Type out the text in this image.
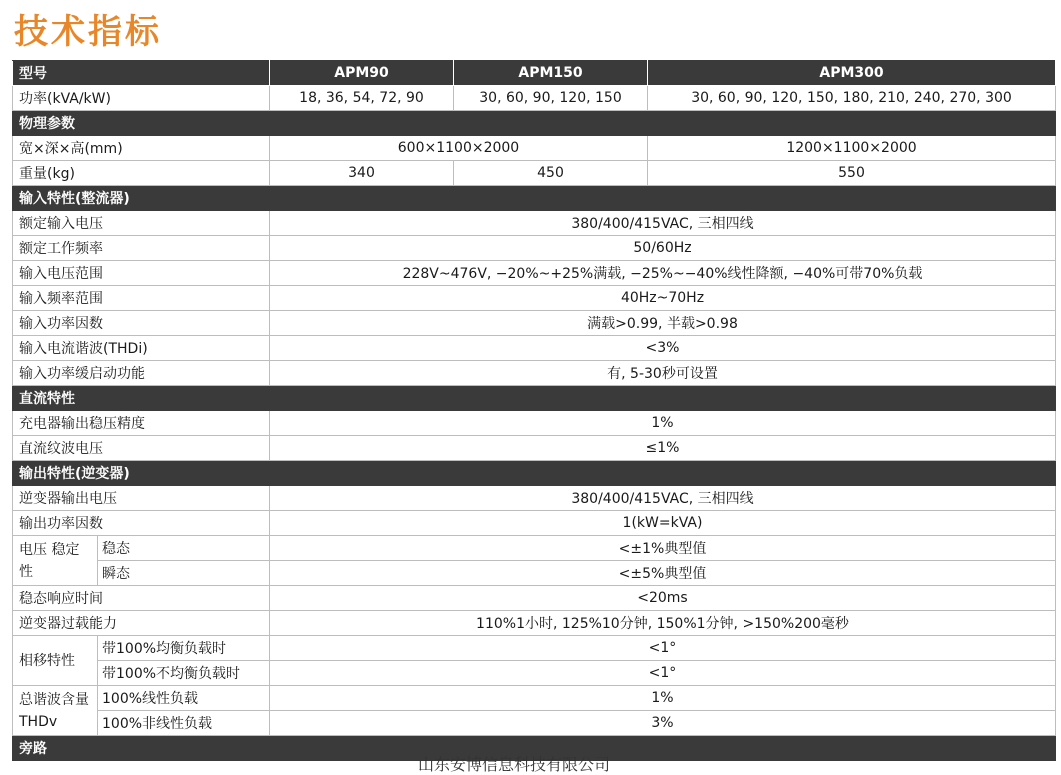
技术指标
型号		APM90	APM150	APM300
功率(kVA/kW)		18, 36, 54, 72, 90	30, 60, 90, 120, 150	30, 60, 90, 120, 150, 180, 210, 240, 270, 300
物理参数				
宽×深×高(mm)		600×1100×2000		1200×1100×2000
重量(kg)		340	450	550
输入特性(整流器)				
额定输入电压		380/400/415VAC, 三相四线		
额定工作频率		50/60Hz		
输入电压范围		228V~476V, −20%~+25%满载, −25%~−40%线性降额, −40%可带70%负载		
输入频率范围		40Hz~70Hz		
输入功率因数		满载>0.99, 半载>0.98		
输入电流谐波(THDi)		<3%		
输入功率缓启动功能		有, 5-30秒可设置		
直流特性				
充电器输出稳压精度		1%		
直流纹波电压		≤1%		
输出特性(逆变器)				
逆变器输出电压		380/400/415VAC, 三相四线		
输出功率因数		1(kW=kVA)		
电压 稳定性	稳态	<±1%典型值		
	瞬态	<±5%典型值		
稳态响应时间		<20ms		
逆变器过载能力		110%1小时, 125%10分钟, 150%1分钟, >150%200毫秒		
相移特性	带100%均衡负载时	<1°		
	带100%不均衡负载时	<1°		
总谐波含量THDv	100%线性负载	1%		
	100%非线性负载	3%		
旁路				
山东安博信息科技有限公司
